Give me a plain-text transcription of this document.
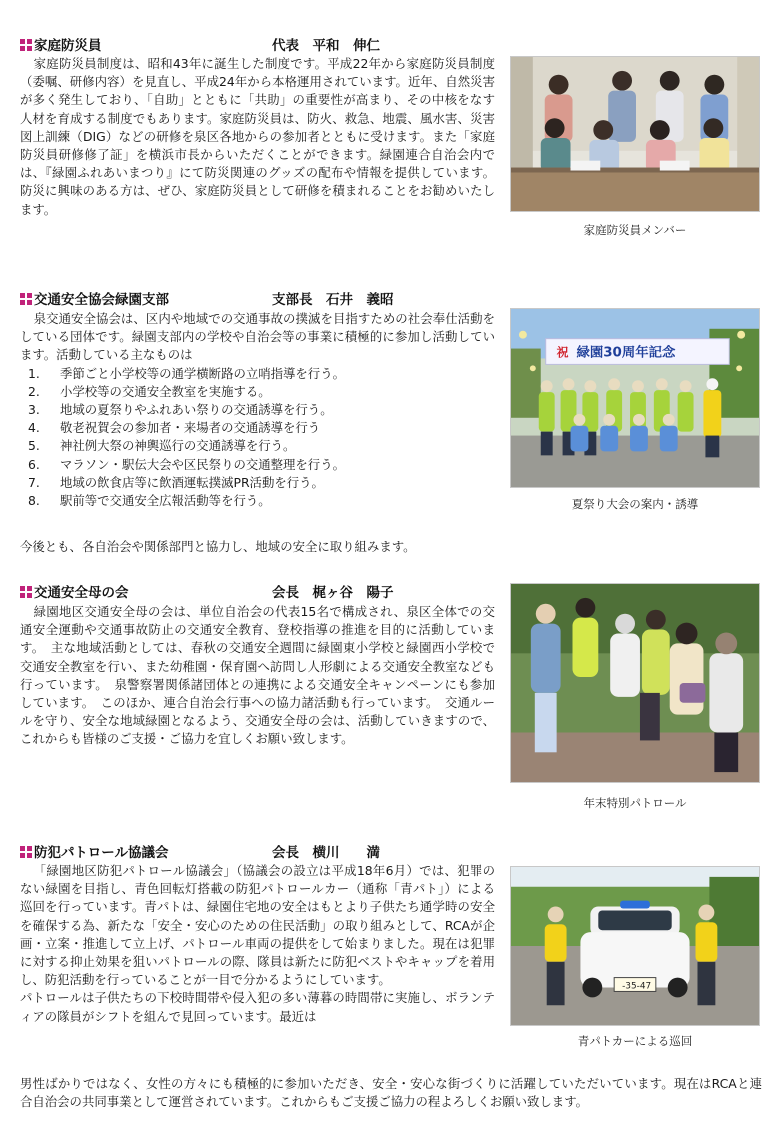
家庭防災員	代表　平和　伸仁

家庭防災員制度は、昭和43年に誕生した制度です。平成22年から家庭防災員制度（委嘱、研修内容）を見直し、平成24年から本格運用されています。近年、自然災害が多く発生しており、「自助」とともに「共助」の重要性が高まり、その中核をなす人材を育成する制度でもあります。家庭防災員は、防火、救急、地震、風水害、災害図上訓練（DIG）などの研修を泉区各地からの参加者とともに受けます。また「家庭防災員研修修了証」を横浜市長からいただくことができます。緑園連合自治会内では、『緑園ふれあいまつり』にて防災関連のグッズの配布や情報を提供しています。防災に興味のある方は、ぜひ、家庭防災員として研修を積まれることをお勧めいたします。

家庭防災員メンバー
交通安全協会緑園支部	支部長　石井　義昭

泉交通安全協会は、区内や地域での交通事故の撲滅を目指すための社会奉仕活動をしている団体です。緑園支部内の学校や自治会等の事業に積極的に参加し活動しています。活動している主なものは

1.	季節ごと小学校等の通学横断路の立哨指導を行う。
2.	小学校等の交通安全教室を実施する。
3.	地域の夏祭りやふれあい祭りの交通誘導を行う。
4.	敬老祝賀会の参加者・来場者の交通誘導を行う
5.	神社例大祭の神輿巡行の交通誘導を行う。
6.	マラソン・駅伝大会や区民祭りの交通整理を行う。
7.	地域の飲食店等に飲酒運転撲滅PR活動を行う。
8.	駅前等で交通安全広報活動等を行う。
今後とも、各自治会や関係部門と協力し、地域の安全に取り組みます。
祝 緑園30周年記念
夏祭り大会の案内・誘導
交通安全母の会	会長　梶ヶ谷　陽子

緑園地区交通安全母の会は、単位自治会の代表15名で構成され、泉区全体での交通安全運動や交通事故防止の交通安全教育、登校指導の推進を目的に活動しています。　主な地域活動としては、春秋の交通安全週間に緑園東小学校と緑園西小学校で交通安全教室を行い、また幼稚園・保育園へ訪問し人形劇による交通安全教室なども行っています。　泉警察署関係諸団体との連携による交通安全キャンペーンにも参加しています。　このほか、連合自治会行事への協力諸活動も行っています。　交通ルールを守り、安全な地域緑園となるよう、交通安全母の会は、活動していきますので、これからも皆様のご支援・ご協力を宜しくお願い致します。

年末特別パトロール
防犯パトロール協議会	会長　横川　　満

「緑園地区防犯パトロール協議会」（協議会の設立は平成18年6月）では、犯罪のない緑園を目指し、青色回転灯搭載の防犯パトロールカー（通称「青パト」）による巡回を行っています。青パトは、緑園住宅地の安全はもとより子供たち通学時の安全を確保する為、新たな「安全・安心のための住民活動」の取り組みとして、RCAが企画・立案・推進して立上げ、パトロール車両の提供をして始まりました。現在は犯罪に対する抑止効果を狙いパトロールの際、隊員は新たに防犯ベストやキャップを着用し、防犯活動を行っていることが一目で分かるようにしています。

パトロールは子供たちの下校時間帯や侵入犯の多い薄暮の時間帯に実施し、ボランティアの隊員がシフトを組んで見回っています。最近は

男性ばかりではなく、女性の方々にも積極的に参加いただき、安全・安心な街づくりに活躍していただいています。現在はRCAと連合自治会の共同事業として運営されています。これからもご支援ご協力の程よろしくお願い致します。
-35-47
青パトカーによる巡回
